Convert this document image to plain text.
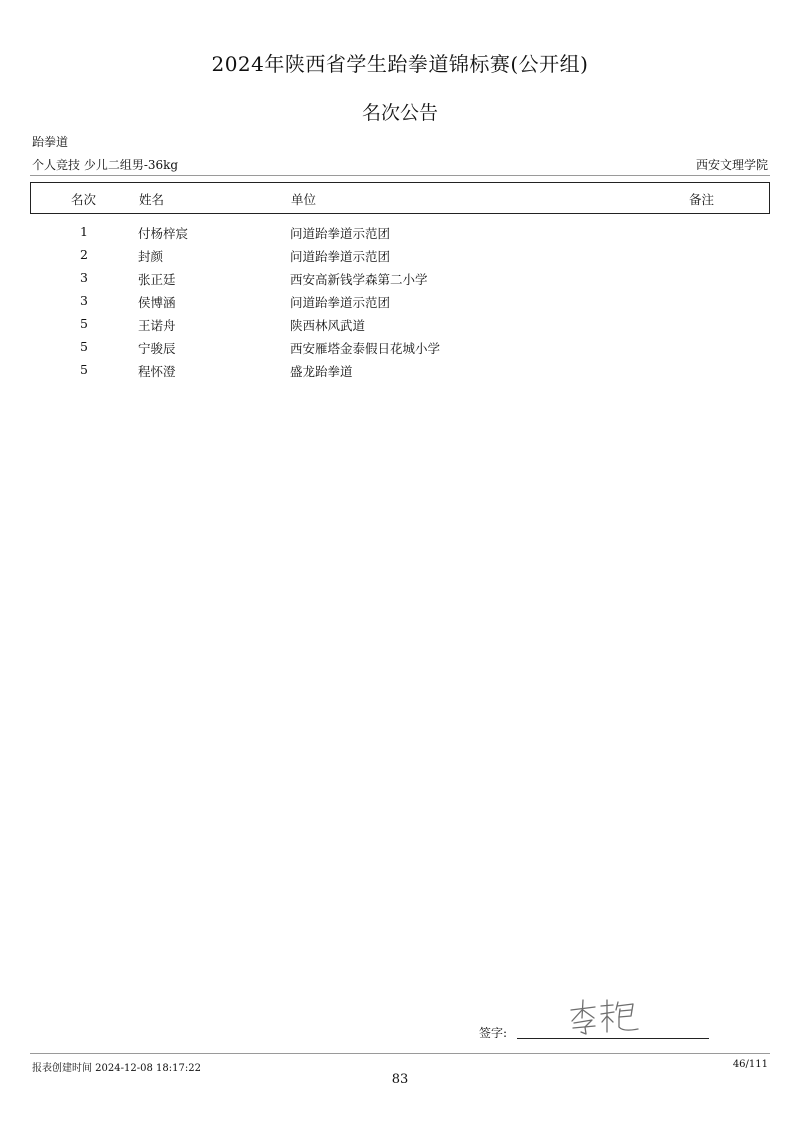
2024年陕西省学生跆拳道锦标赛(公开组)
名次公告
跆拳道
个人竞技 少儿二组男-36kg	西安文理学院
名次	姓名	单位	备注
1	付杨梓宸	问道跆拳道示范团
2	封颜	问道跆拳道示范团
3	张正廷	西安高新钱学森第二小学
3	侯博涵	问道跆拳道示范团
5	王诺舟	陕西林风武道
5	宁骏辰	西安雁塔金泰假日花城小学
5	程怀澄	盛龙跆拳道
签字:
报表创建时间 2024-12-08 18:17:22	46/111
83
